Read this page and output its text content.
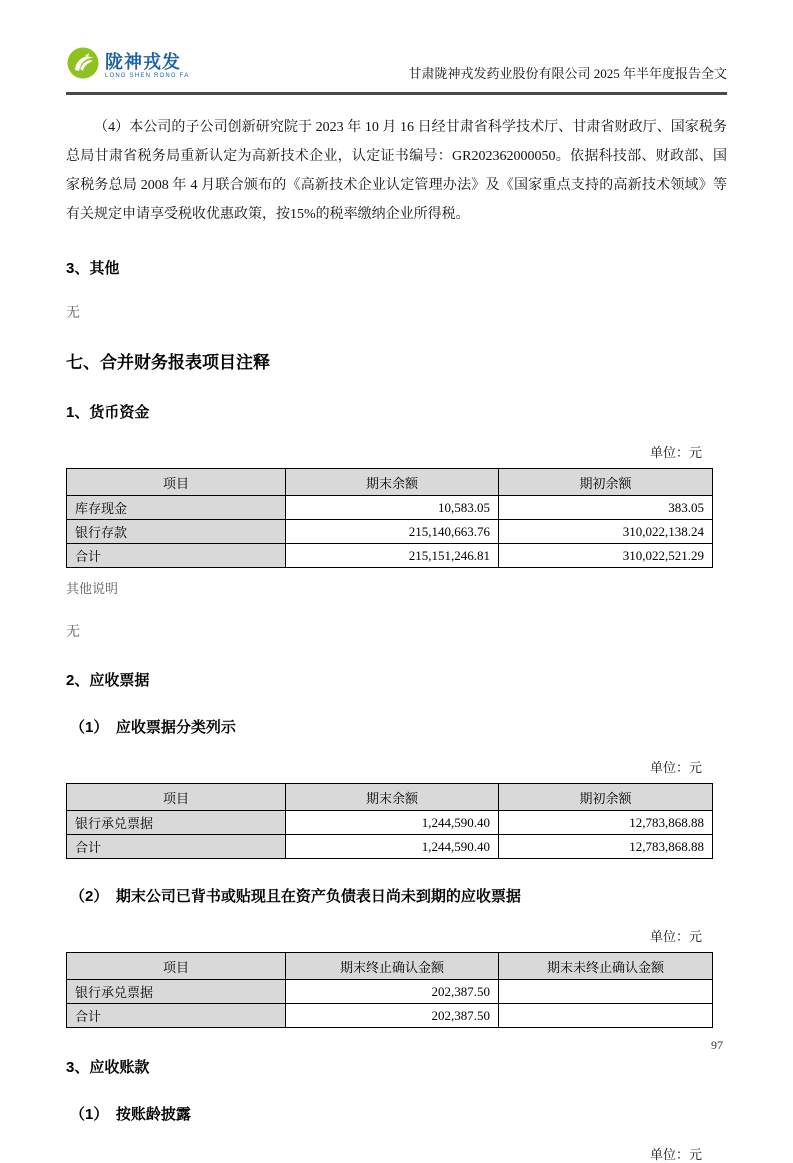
陇神戎发
LONG SHEN RONG FA	甘肃陇神戎发药业股份有限公司 2025 年半年度报告全文

（4）本公司的子公司创新研究院于 2023 年 10 月 16 日经甘肃省科学技术厅、甘肃省财政厅、国家税务总局甘肃省税务局重新认定为高新技术企业，认定证书编号：GR202362000050。依据科技部、财政部、国家税务总局 2008 年 4 月联合颁布的《高新技术企业认定管理办法》及《国家重点支持的高新技术领域》等有关规定申请享受税收优惠政策，按15%的税率缴纳企业所得税。

3、其他
无
七、合并财务报表项目注释
1、货币资金
单位：元
项目	期末余额	期初余额
库存现金	10,583.05	383.05
银行存款	215,140,663.76	310,022,138.24
合计	215,151,246.81	310,022,521.29
其他说明
无
2、应收票据
（1）　应收票据分类列示
单位：元
项目	期末余额	期初余额
银行承兑票据	1,244,590.40	12,783,868.88
合计	1,244,590.40	12,783,868.88
（2）　期末公司已背书或贴现且在资产负债表日尚未到期的应收票据
单位：元
项目	期末终止确认金额	期末未终止确认金额
银行承兑票据	202,387.50	
合计	202,387.50	
3、应收账款
（1）　按账龄披露
单位：元
97
